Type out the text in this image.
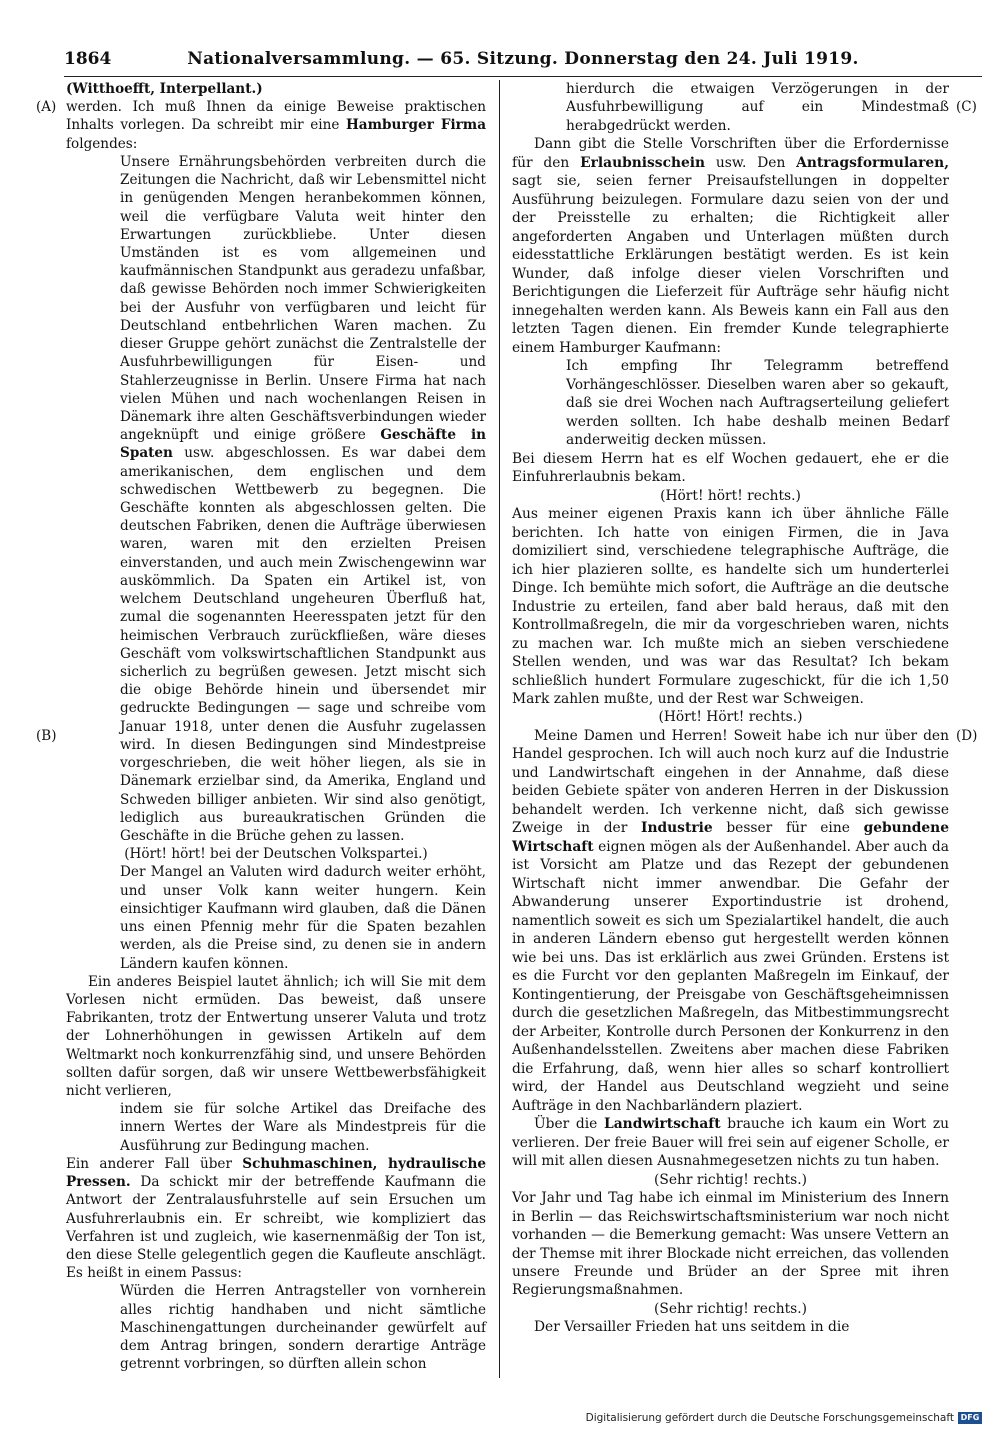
1864	Nationalversammlung. — 65. Sitzung. Donnerstag den 24. Juli 1919.
(A)
(B)
(C)
(D)

(Witthoefft, Interpellant.)

werden. Ich muß Ihnen da einige Beweise praktischen Inhalts vorlegen. Da schreibt mir eine Hamburger Firma folgendes:

Unsere Ernährungsbehörden verbreiten durch die Zeitungen die Nachricht, daß wir Lebensmittel nicht in genügenden Mengen heranbekommen können, weil die verfügbare Valuta weit hinter den Erwartungen zurückbliebe. Unter diesen Umständen ist es vom allgemeinen und kaufmännischen Standpunkt aus geradezu unfaßbar, daß gewisse Behörden noch immer Schwierigkeiten bei der Ausfuhr von verfügbaren und leicht für Deutschland entbehrlichen Waren machen. Zu dieser Gruppe gehört zunächst die Zentralstelle der Ausfuhrbewilligungen für Eisen- und Stahlerzeugnisse in Berlin. Unsere Firma hat nach vielen Mühen und nach wochenlangen Reisen in Dänemark ihre alten Geschäftsverbindungen wieder angeknüpft und einige größere Geschäfte in Spaten usw. abgeschlossen. Es war dabei dem amerikanischen, dem englischen und dem schwedischen Wettbewerb zu begegnen. Die Geschäfte konnten als abgeschlossen gelten. Die deutschen Fabriken, denen die Aufträge überwiesen waren, waren mit den erzielten Preisen einverstanden, und auch mein Zwischengewinn war auskömmlich. Da Spaten ein Artikel ist, von welchem Deutschland ungeheuren Überfluß hat, zumal die sogenannten Heeresspaten jetzt für den heimischen Verbrauch zurückfließen, wäre dieses Geschäft vom volkswirtschaftlichen Standpunkt aus sicherlich zu begrüßen gewesen. Jetzt mischt sich die obige Behörde hinein und übersendet mir gedruckte Bedingungen — sage und schreibe vom Januar 1918, unter denen die Ausfuhr zugelassen wird. In diesen Bedingungen sind Mindestpreise vorgeschrieben, die weit höher liegen, als sie in Dänemark erzielbar sind, da Amerika, England und Schweden billiger anbieten. Wir sind also genötigt, lediglich aus bureaukratischen Gründen die Geschäfte in die Brüche gehen zu lassen.

(Hört! hört! bei der Deutschen Volkspartei.)

Der Mangel an Valuten wird dadurch weiter erhöht, und unser Volk kann weiter hungern. Kein einsichtiger Kaufmann wird glauben, daß die Dänen uns einen Pfennig mehr für die Spaten bezahlen werden, als die Preise sind, zu denen sie in andern Ländern kaufen können.

Ein anderes Beispiel lautet ähnlich; ich will Sie mit dem Vorlesen nicht ermüden. Das beweist, daß unsere Fabrikanten, trotz der Entwertung unserer Valuta und trotz der Lohnerhöhungen in gewissen Artikeln auf dem Weltmarkt noch konkurrenzfähig sind, und unsere Behörden sollten dafür sorgen, daß wir unsere Wettbewerbsfähigkeit nicht verlieren,

indem sie für solche Artikel das Dreifache des innern Wertes der Ware als Mindestpreis für die Ausführung zur Bedingung machen.

Ein anderer Fall über Schuhmaschinen, hydraulische Pressen. Da schickt mir der betreffende Kaufmann die Antwort der Zentralausfuhrstelle auf sein Ersuchen um Ausfuhrerlaubnis ein. Er schreibt, wie kompliziert das Verfahren ist und zugleich, wie kasernenmäßig der Ton ist, den diese Stelle gelegentlich gegen die Kaufleute anschlägt. Es heißt in einem Passus:

Würden die Herren Antragsteller von vornherein alles richtig handhaben und nicht sämtliche Maschinengattungen durcheinander gewürfelt auf dem Antrag bringen, sondern derartige Anträge getrennt vorbringen, so dürften allein schon

hierdurch die etwaigen Verzögerungen in der Ausfuhrbewilligung auf ein Mindestmaß herabgedrückt werden.

Dann gibt die Stelle Vorschriften über die Erfordernisse für den Erlaubnisschein usw. Den Antragsformularen, sagt sie, seien ferner Preisaufstellungen in doppelter Ausführung beizulegen. Formulare dazu seien von der und der Preisstelle zu erhalten; die Richtigkeit aller angeforderten Angaben und Unterlagen müßten durch eidesstattliche Erklärungen bestätigt werden. Es ist kein Wunder, daß infolge dieser vielen Vorschriften und Berichtigungen die Lieferzeit für Aufträge sehr häufig nicht innegehalten werden kann. Als Beweis kann ein Fall aus den letzten Tagen dienen. Ein fremder Kunde telegraphierte einem Hamburger Kaufmann:

Ich empfing Ihr Telegramm betreffend Vorhängeschlösser. Dieselben waren aber so gekauft, daß sie drei Wochen nach Auftragserteilung geliefert werden sollten. Ich habe deshalb meinen Bedarf anderweitig decken müssen.

Bei diesem Herrn hat es elf Wochen gedauert, ehe er die Einfuhrerlaubnis bekam.

(Hört! hört! rechts.)

Aus meiner eigenen Praxis kann ich über ähnliche Fälle berichten. Ich hatte von einigen Firmen, die in Java domiziliert sind, verschiedene telegraphische Aufträge, die ich hier plazieren sollte, es handelte sich um hunderterlei Dinge. Ich bemühte mich sofort, die Aufträge an die deutsche Industrie zu erteilen, fand aber bald heraus, daß mit den Kontrollmaßregeln, die mir da vorgeschrieben waren, nichts zu machen war. Ich mußte mich an sieben verschiedene Stellen wenden, und was war das Resultat? Ich bekam schließlich hundert Formulare zugeschickt, für die ich 1,50 Mark zahlen mußte, und der Rest war Schweigen.

(Hört! Hört! rechts.)

Meine Damen und Herren! Soweit habe ich nur über den Handel gesprochen. Ich will auch noch kurz auf die Industrie und Landwirtschaft eingehen in der Annahme, daß diese beiden Gebiete später von anderen Herren in der Diskussion behandelt werden. Ich verkenne nicht, daß sich gewisse Zweige in der Industrie besser für eine gebundene Wirtschaft eignen mögen als der Außenhandel. Aber auch da ist Vorsicht am Platze und das Rezept der gebundenen Wirtschaft nicht immer anwendbar. Die Gefahr der Abwanderung unserer Exportindustrie ist drohend, namentlich soweit es sich um Spezialartikel handelt, die auch in anderen Ländern ebenso gut hergestellt werden können wie bei uns. Das ist erklärlich aus zwei Gründen. Erstens ist es die Furcht vor den geplanten Maßregeln im Einkauf, der Kontingentierung, der Preisgabe von Geschäftsgeheimnissen durch die gesetzlichen Maßregeln, das Mitbestimmungsrecht der Arbeiter, Kontrolle durch Personen der Konkurrenz in den Außenhandelsstellen. Zweitens aber machen diese Fabriken die Erfahrung, daß, wenn hier alles so scharf kontrolliert wird, der Handel aus Deutschland wegzieht und seine Aufträge in den Nachbarländern plaziert.

Über die Landwirtschaft brauche ich kaum ein Wort zu verlieren. Der freie Bauer will frei sein auf eigener Scholle, er will mit allen diesen Ausnahmegesetzen nichts zu tun haben.

(Sehr richtig! rechts.)

Vor Jahr und Tag habe ich einmal im Ministerium des Innern in Berlin — das Reichswirtschaftsministerium war noch nicht vorhanden — die Bemerkung gemacht: Was unsere Vettern an der Themse mit ihrer Blockade nicht erreichen, das vollenden unsere Freunde und Brüder an der Spree mit ihren Regierungsmaßnahmen.

(Sehr richtig! rechts.)

Der Versailler Frieden hat uns seitdem in die

Digitalisierung gefördert durch die Deutsche Forschungsgemeinschaft DFG
